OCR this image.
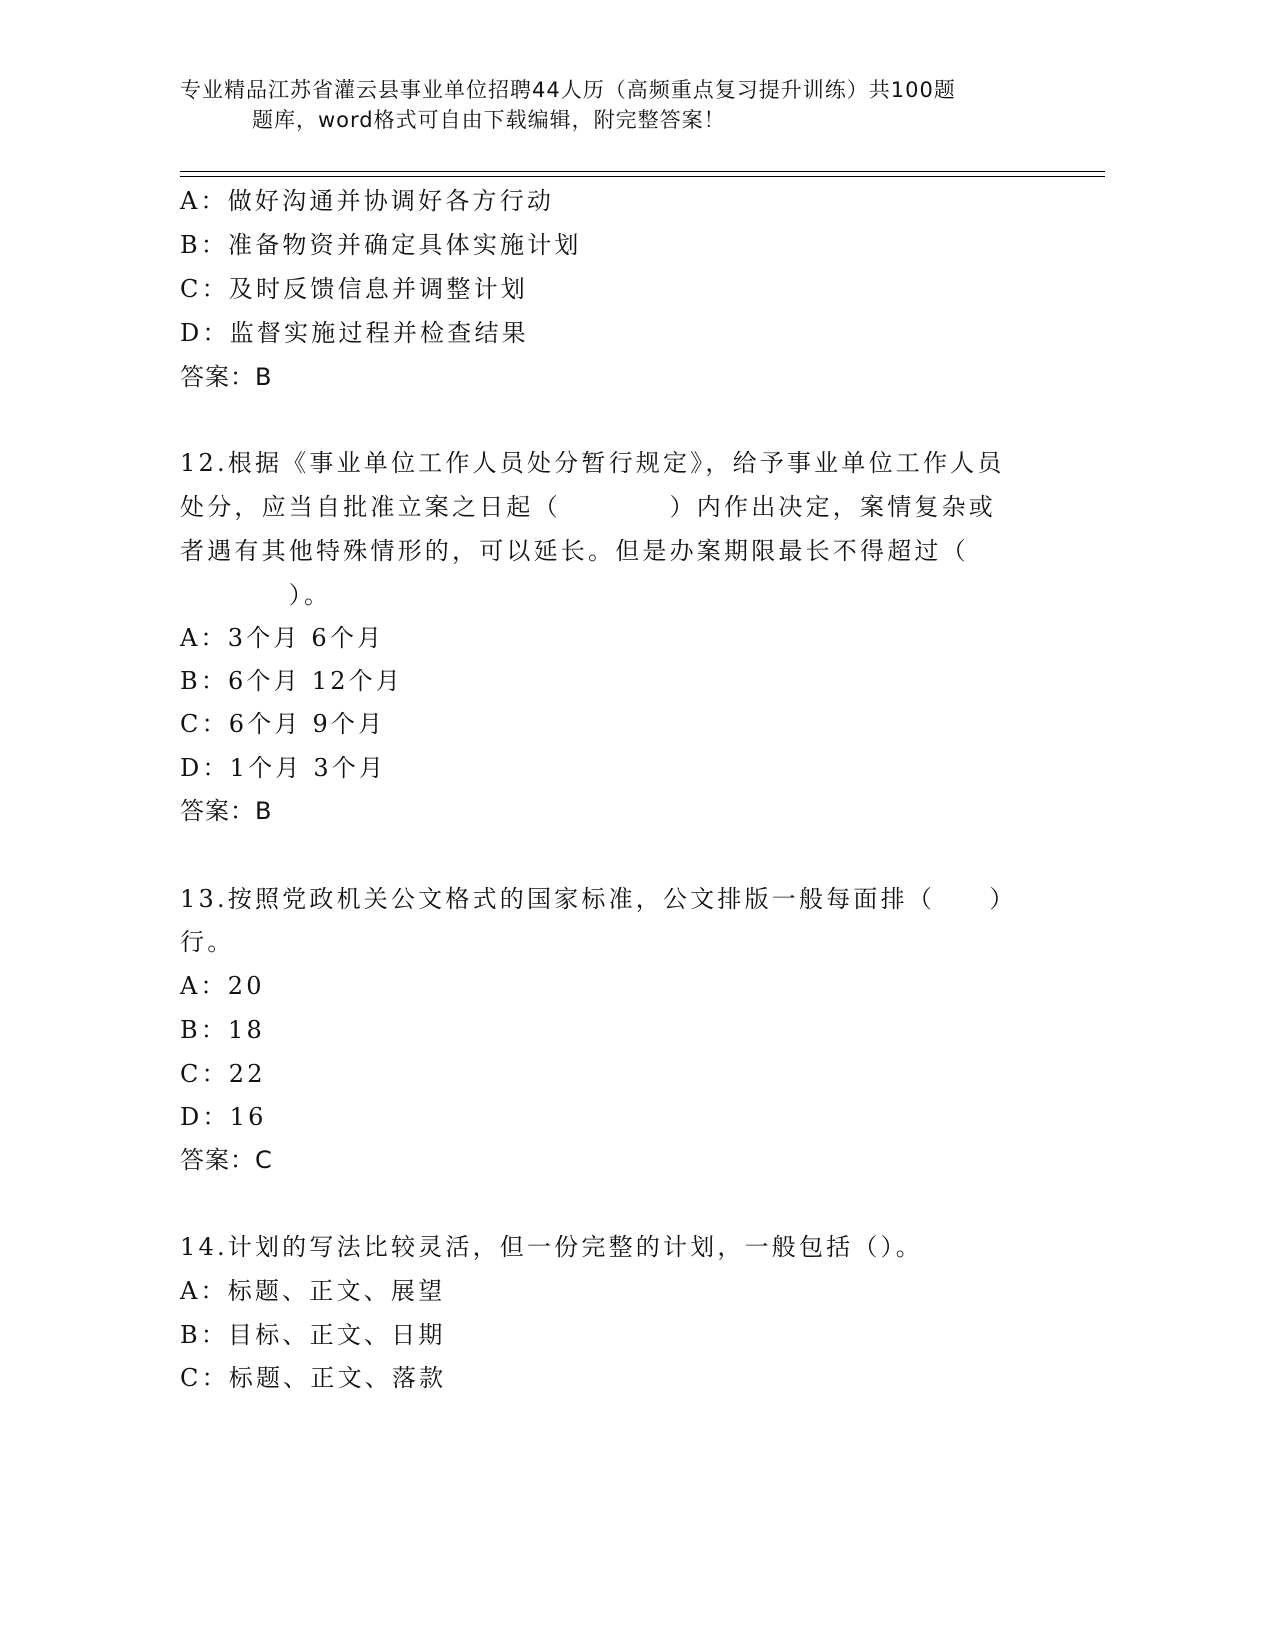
专业精品江苏省灌云县事业单位招聘44人历（高频重点复习提升训练）共100题
题库，word格式可自由下载编辑，附完整答案！
A：做好沟通并协调好各方行动
B：准备物资并确定具体实施计划
C：及时反馈信息并调整计划
D：监督实施过程并检查结果
答案：B
12.根据《事业单位工作人员处分暂行规定》，给予事业单位工作人员
处分，应当自批准立案之日起（　　　　）内作出决定，案情复杂或
者遇有其他特殊情形的，可以延长。但是办案期限最长不得超过（
　　　　）。
A：3个月 6个月
B：6个月 12个月
C：6个月 9个月
D：1个月 3个月
答案：B
13.按照党政机关公文格式的国家标准，公文排版一般每面排（　　）
行。
A：20
B：18
C：22
D：16
答案：C
14.计划的写法比较灵活，但一份完整的计划，一般包括（）。
A：标题、正文、展望
B：目标、正文、日期
C：标题、正文、落款
